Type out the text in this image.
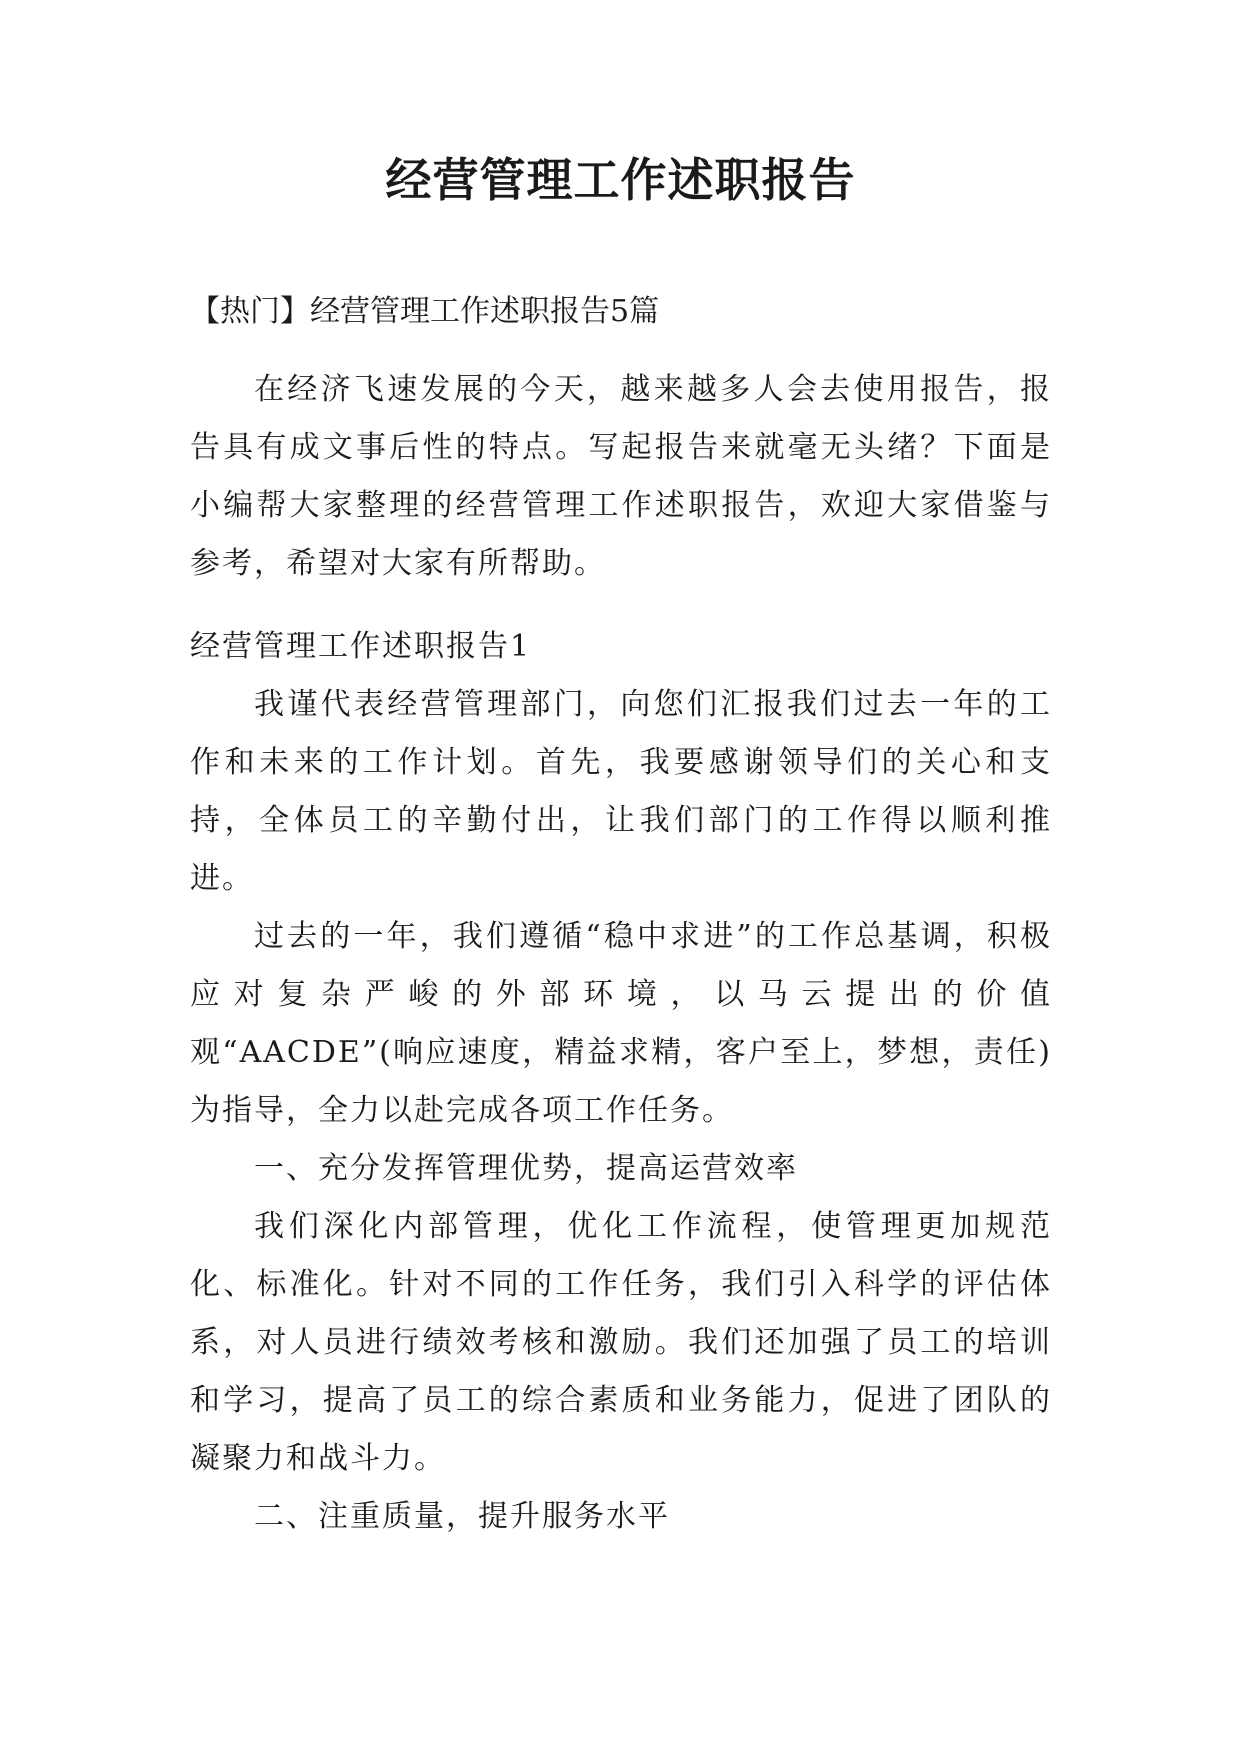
经营管理工作述职报告

【热门】经营管理工作述职报告5篇

在经济飞速发展的今天，越来越多人会去使用报告，报告具有成文事后性的特点。写起报告来就毫无头绪？下面是小编帮大家整理的经营管理工作述职报告，欢迎大家借鉴与参考，希望对大家有所帮助。

经营管理工作述职报告1

我谨代表经营管理部门，向您们汇报我们过去一年的工作和未来的工作计划。首先，我要感谢领导们的关心和支持，全体员工的辛勤付出，让我们部门的工作得以顺利推进。

过去的一年，我们遵循“稳中求进”的工作总基调，积极应对复杂严峻的外部环境，以马云提出的价值观“AACDE”(响应速度，精益求精，客户至上，梦想，责任)为指导，全力以赴完成各项工作任务。

一、充分发挥管理优势，提高运营效率

我们深化内部管理，优化工作流程，使管理更加规范化、标准化。针对不同的工作任务，我们引入科学的评估体系，对人员进行绩效考核和激励。我们还加强了员工的培训和学习，提高了员工的综合素质和业务能力，促进了团队的凝聚力和战斗力。

二、注重质量，提升服务水平
